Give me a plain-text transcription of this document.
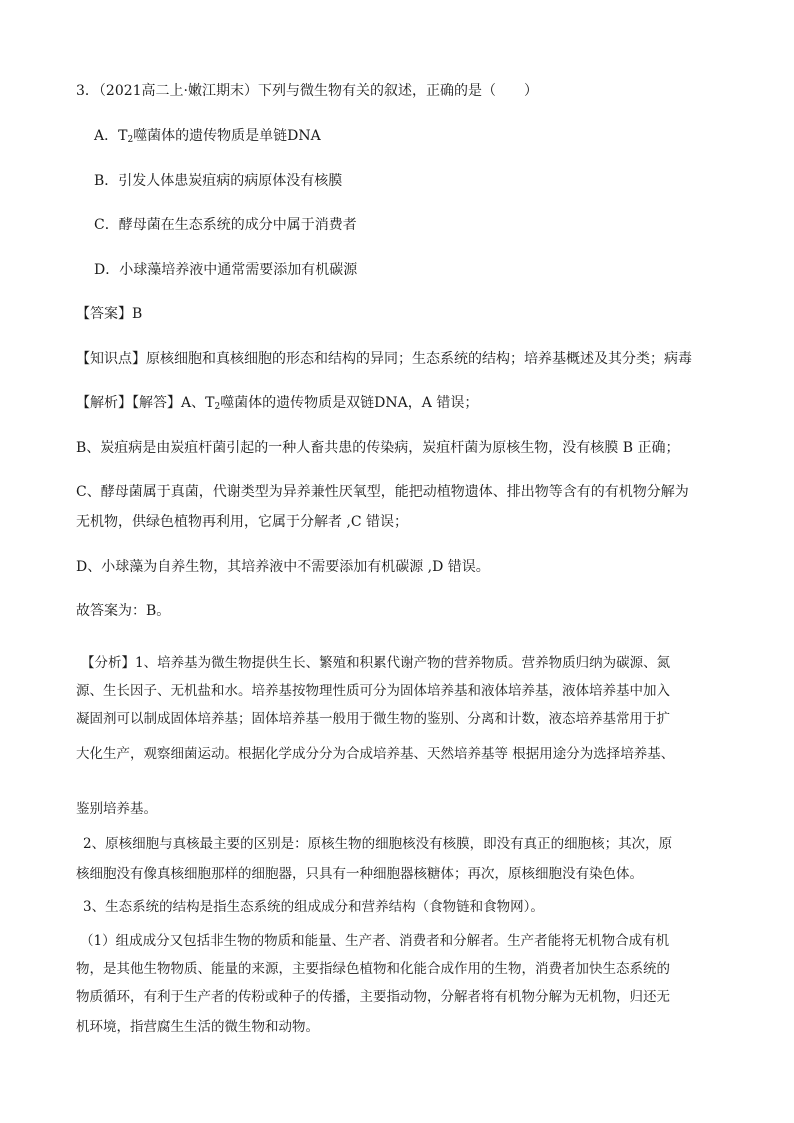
3．（2021高二上·嫩江期末）下列与微生物有关的叙述，正确的是（　　）
A．$T_2$噬菌体的遗传物质是单链DNA
B．引发人体患炭疽病的病原体没有核膜
C．酵母菌在生态系统的成分中属于消费者
D．小球藻培养液中通常需要添加有机碳源
【答案】B
【知识点】原核细胞和真核细胞的形态和结构的异同；生态系统的结构；培养基概述及其分类；病毒
【解析】【解答】A、$T_2$噬菌体的遗传物质是双链DNA，A 错误；
B、炭疽病是由炭疽杆菌引起的一种人畜共患的传染病，炭疽杆菌为原核生物，没有核膜 B 正确；
C、酵母菌属于真菌，代谢类型为异养兼性厌氧型，能把动植物遗体、排出物等含有的有机物分解为
无机物，供绿色植物再利用，它属于分解者 ,C 错误；
D、小球藻为自养生物，其培养液中不需要添加有机碳源 ,D 错误。
故答案为：B。
【分析】1、培养基为微生物提供生长、繁殖和积累代谢产物的营养物质。营养物质归纳为碳源、氮
源、生长因子、无机盐和水。培养基按物理性质可分为固体培养基和液体培养基，液体培养基中加入
凝固剂可以制成固体培养基；固体培养基一般用于微生物的鉴别、分离和计数，液态培养基常用于扩
大化生产，观察细菌运动。根据化学成分分为合成培养基、天然培养基等 根据用途分为选择培养基、
鉴别培养基。
2、原核细胞与真核最主要的区别是：原核生物的细胞核没有核膜，即没有真正的细胞核；其次，原
核细胞没有像真核细胞那样的细胞器，只具有一种细胞器核糖体；再次，原核细胞没有染色体。
3、生态系统的结构是指生态系统的组成成分和营养结构（食物链和食物网）。
（1）组成成分又包括非生物的物质和能量、生产者、消费者和分解者。生产者能将无机物合成有机
物，是其他生物物质、能量的来源，主要指绿色植物和化能合成作用的生物，消费者加快生态系统的
物质循环，有利于生产者的传粉或种子的传播，主要指动物，分解者将有机物分解为无机物，归还无
机环境，指营腐生生活的微生物和动物。
